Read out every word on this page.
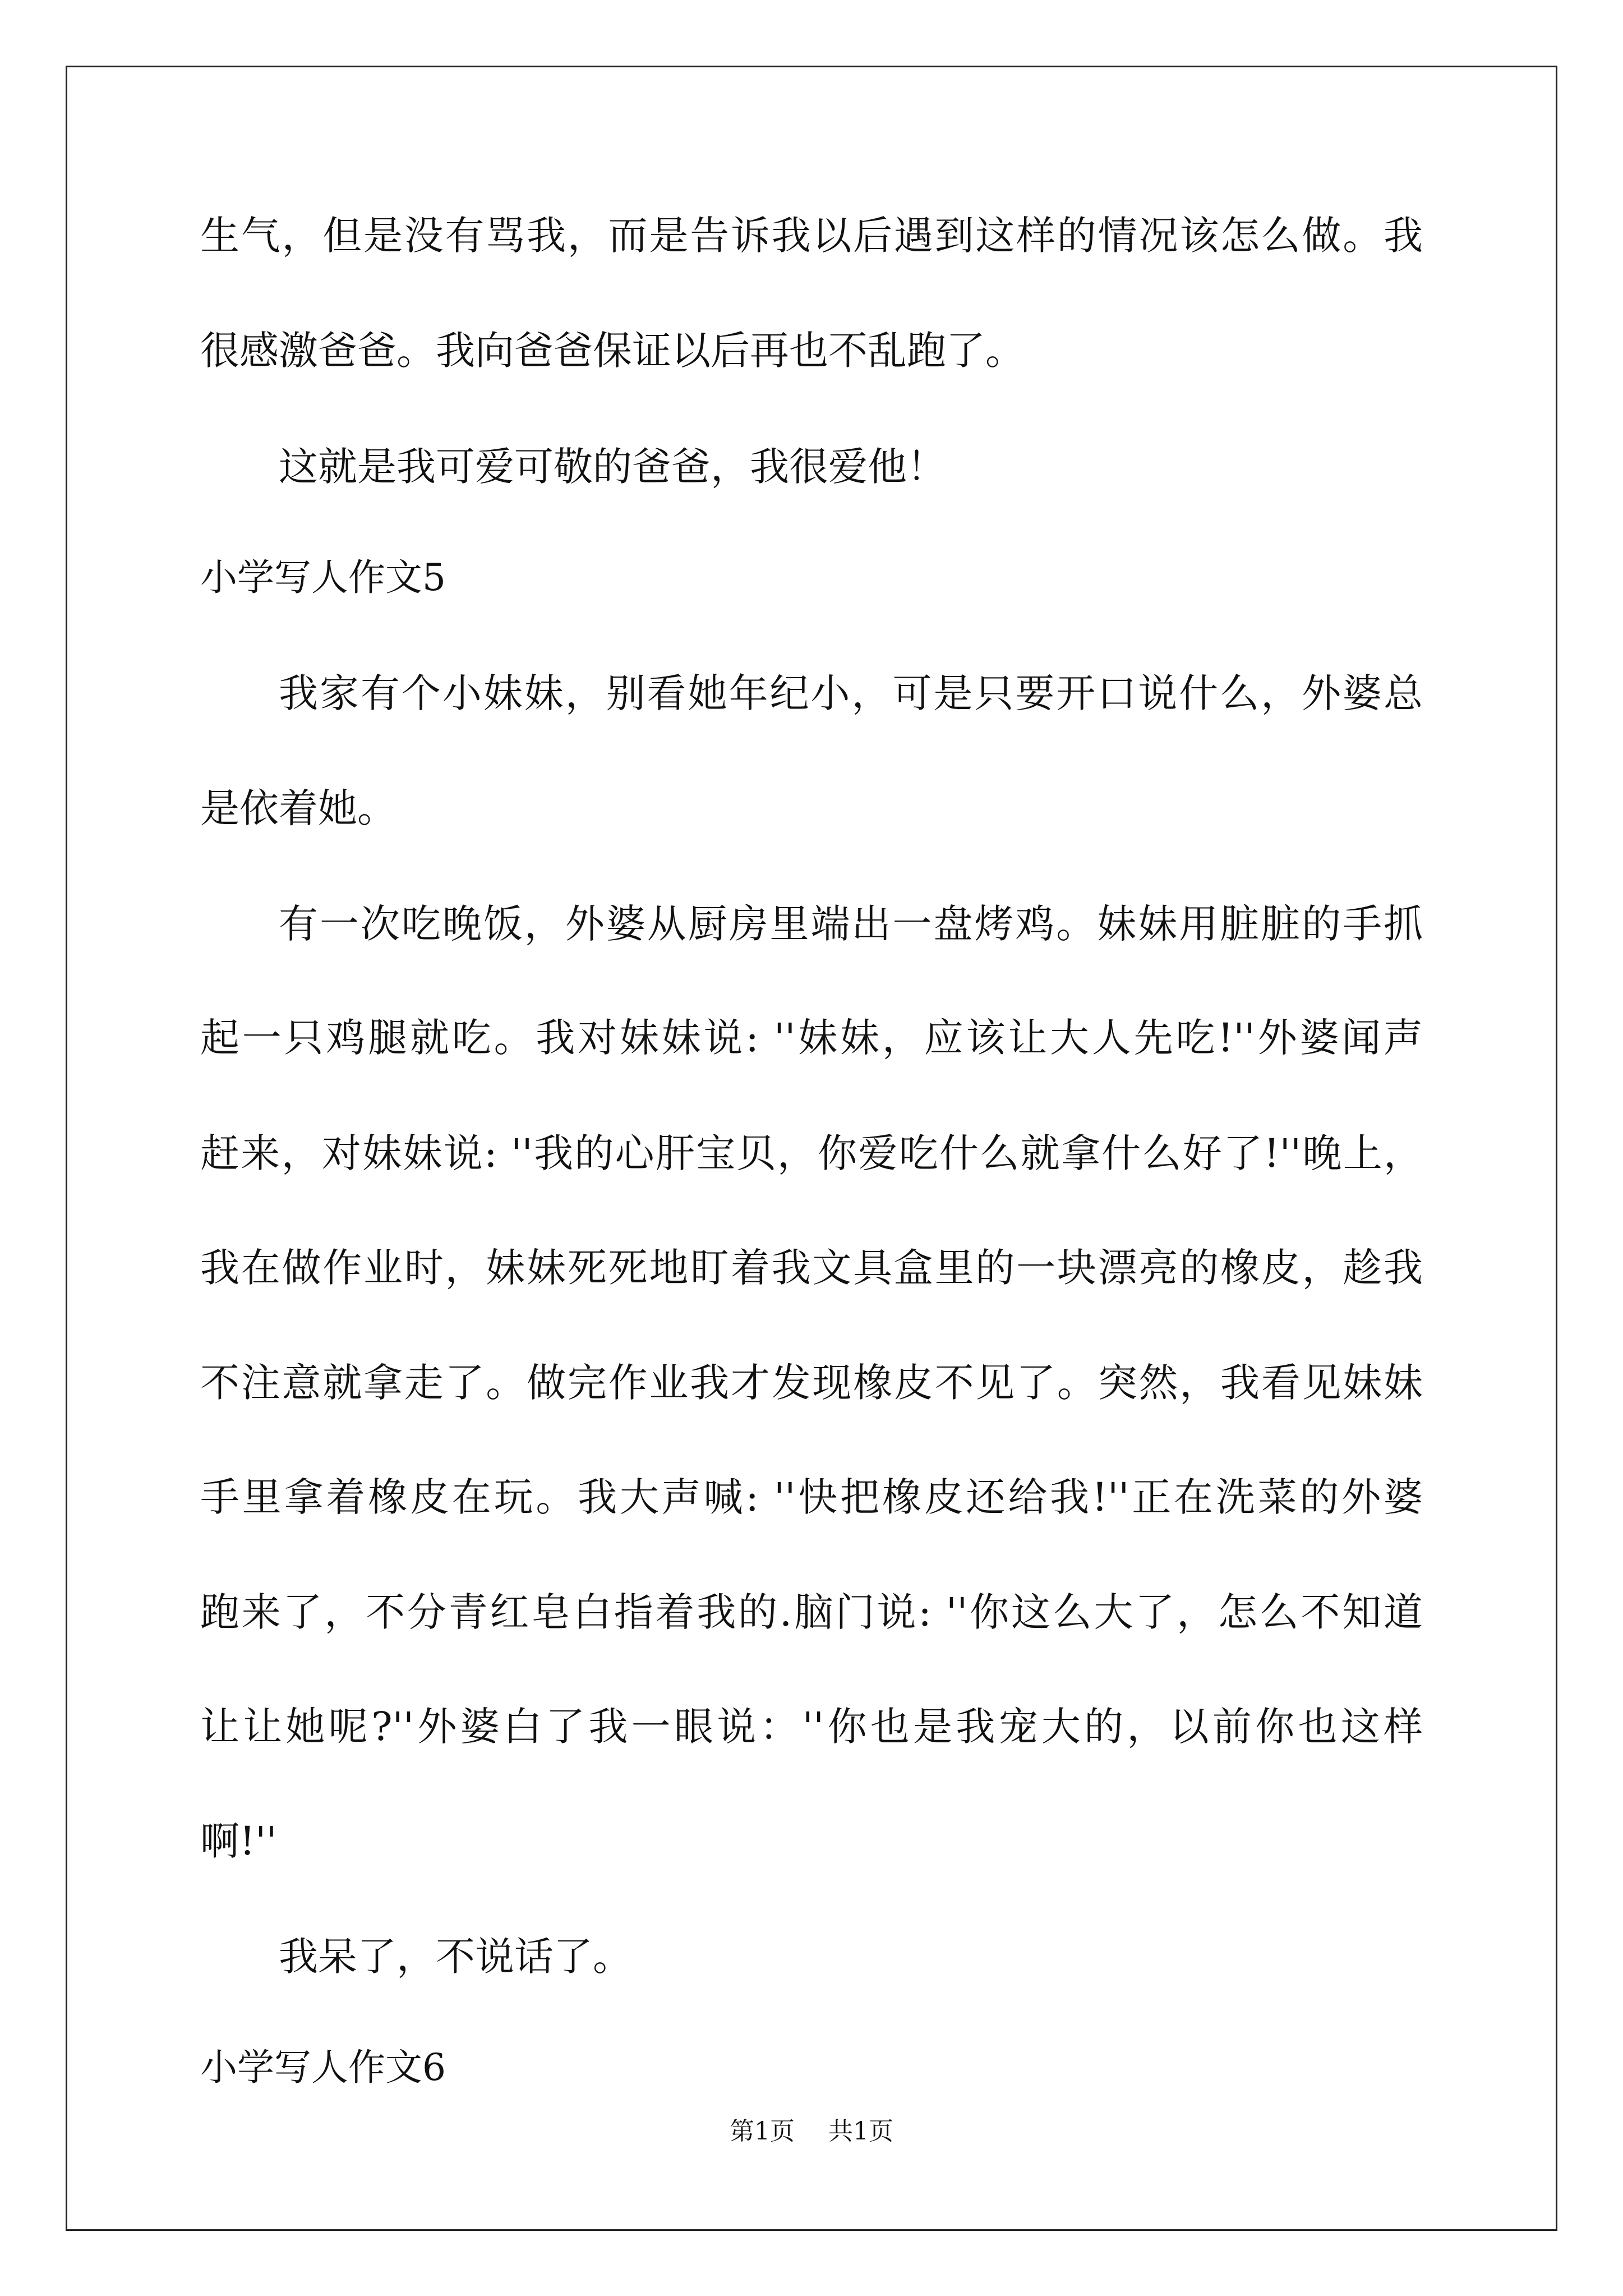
生气，但是没有骂我，而是告诉我以后遇到这样的情况该怎么做。我
很感激爸爸。我向爸爸保证以后再也不乱跑了。
这就是我可爱可敬的爸爸，我很爱他！
小学写人作文5
我家有个小妹妹，别看她年纪小，可是只要开口说什么，外婆总
是依着她。
有一次吃晚饭，外婆从厨房里端出一盘烤鸡。妹妹用脏脏的手抓
起一只鸡腿就吃。我对妹妹说: ''妹妹，应该让大人先吃!''外婆闻声
赶来，对妹妹说: ''我的心肝宝贝，你爱吃什么就拿什么好了!''晚上，
我在做作业时，妹妹死死地盯着我文具盒里的一块漂亮的橡皮，趁我
不注意就拿走了。做完作业我才发现橡皮不见了。突然，我看见妹妹
手里拿着橡皮在玩。我大声喊: ''快把橡皮还给我!''正在洗菜的外婆
跑来了，不分青红皂白指着我的.脑门说: ''你这么大了，怎么不知道
让让她呢?''外婆白了我一眼说：''你也是我宠大的，以前你也这样
啊!''
我呆了，不说话了。
小学写人作文6
第1页 共1页
